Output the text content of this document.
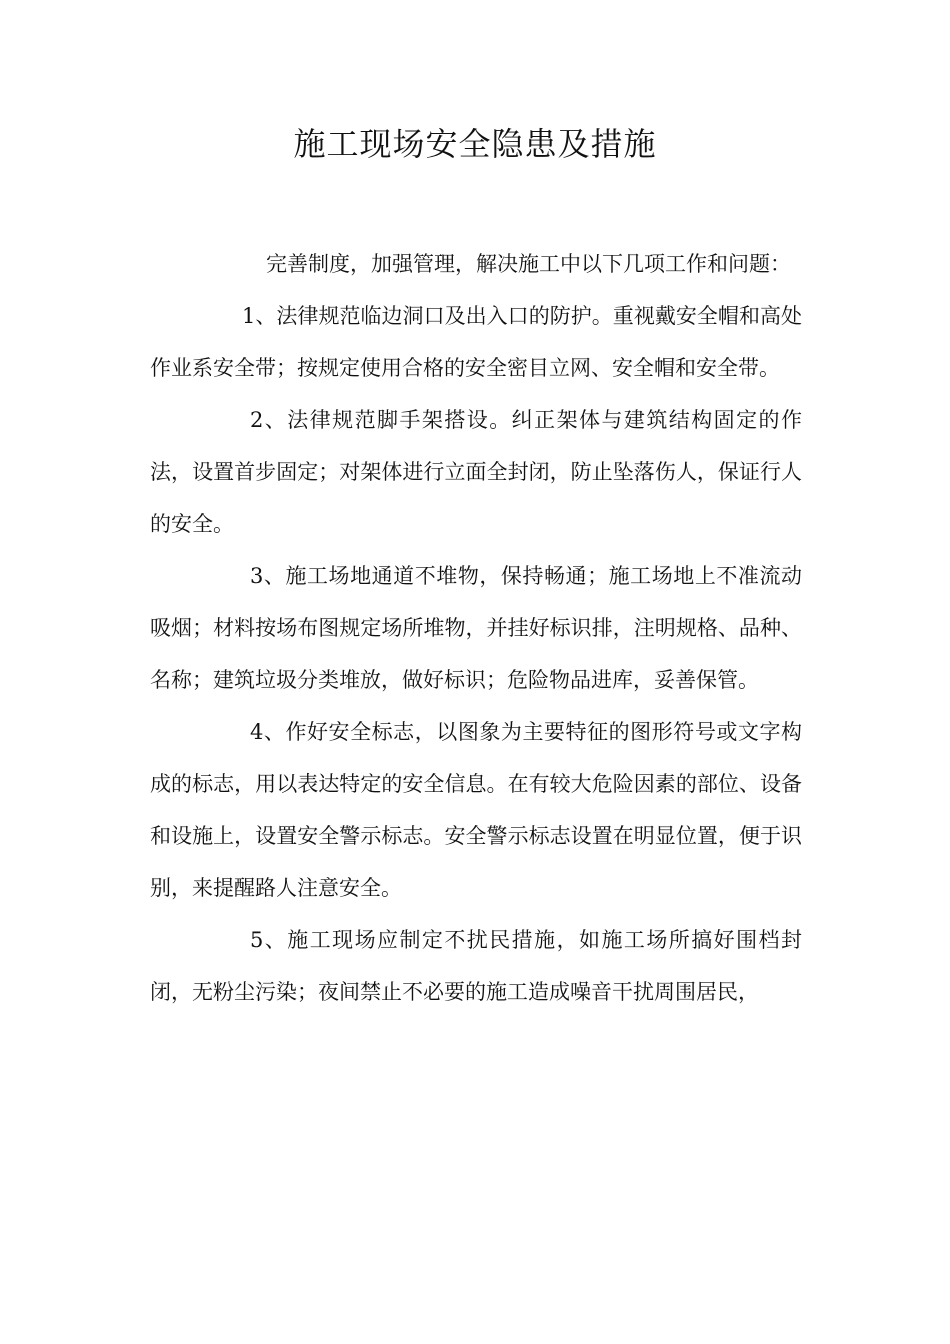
施工现场安全隐患及措施

完善制度，加强管理，解决施工中以下几项工作和问题：

1、法律规范临边洞口及出入口的防护。重视戴安全帽和高处作业系安全带；按规定使用合格的安全密目立网、安全帽和安全带。

2、法律规范脚手架搭设。纠正架体与建筑结构固定的作法，设置首步固定；对架体进行立面全封闭，防止坠落伤人，保证行人的安全。

3、施工场地通道不堆物，保持畅通；施工场地上不准流动吸烟；材料按场布图规定场所堆物，并挂好标识排，注明规格、品种、名称；建筑垃圾分类堆放，做好标识；危险物品进库，妥善保管。

4、作好安全标志，以图象为主要特征的图形符号或文字构成的标志，用以表达特定的安全信息。在有较大危险因素的部位、设备和设施上，设置安全警示标志。安全警示标志设置在明显位置，便于识别，来提醒路人注意安全。

5、施工现场应制定不扰民措施，如施工场所搞好围档封闭，无粉尘污染；夜间禁止不必要的施工造成噪音干扰周围居民，
